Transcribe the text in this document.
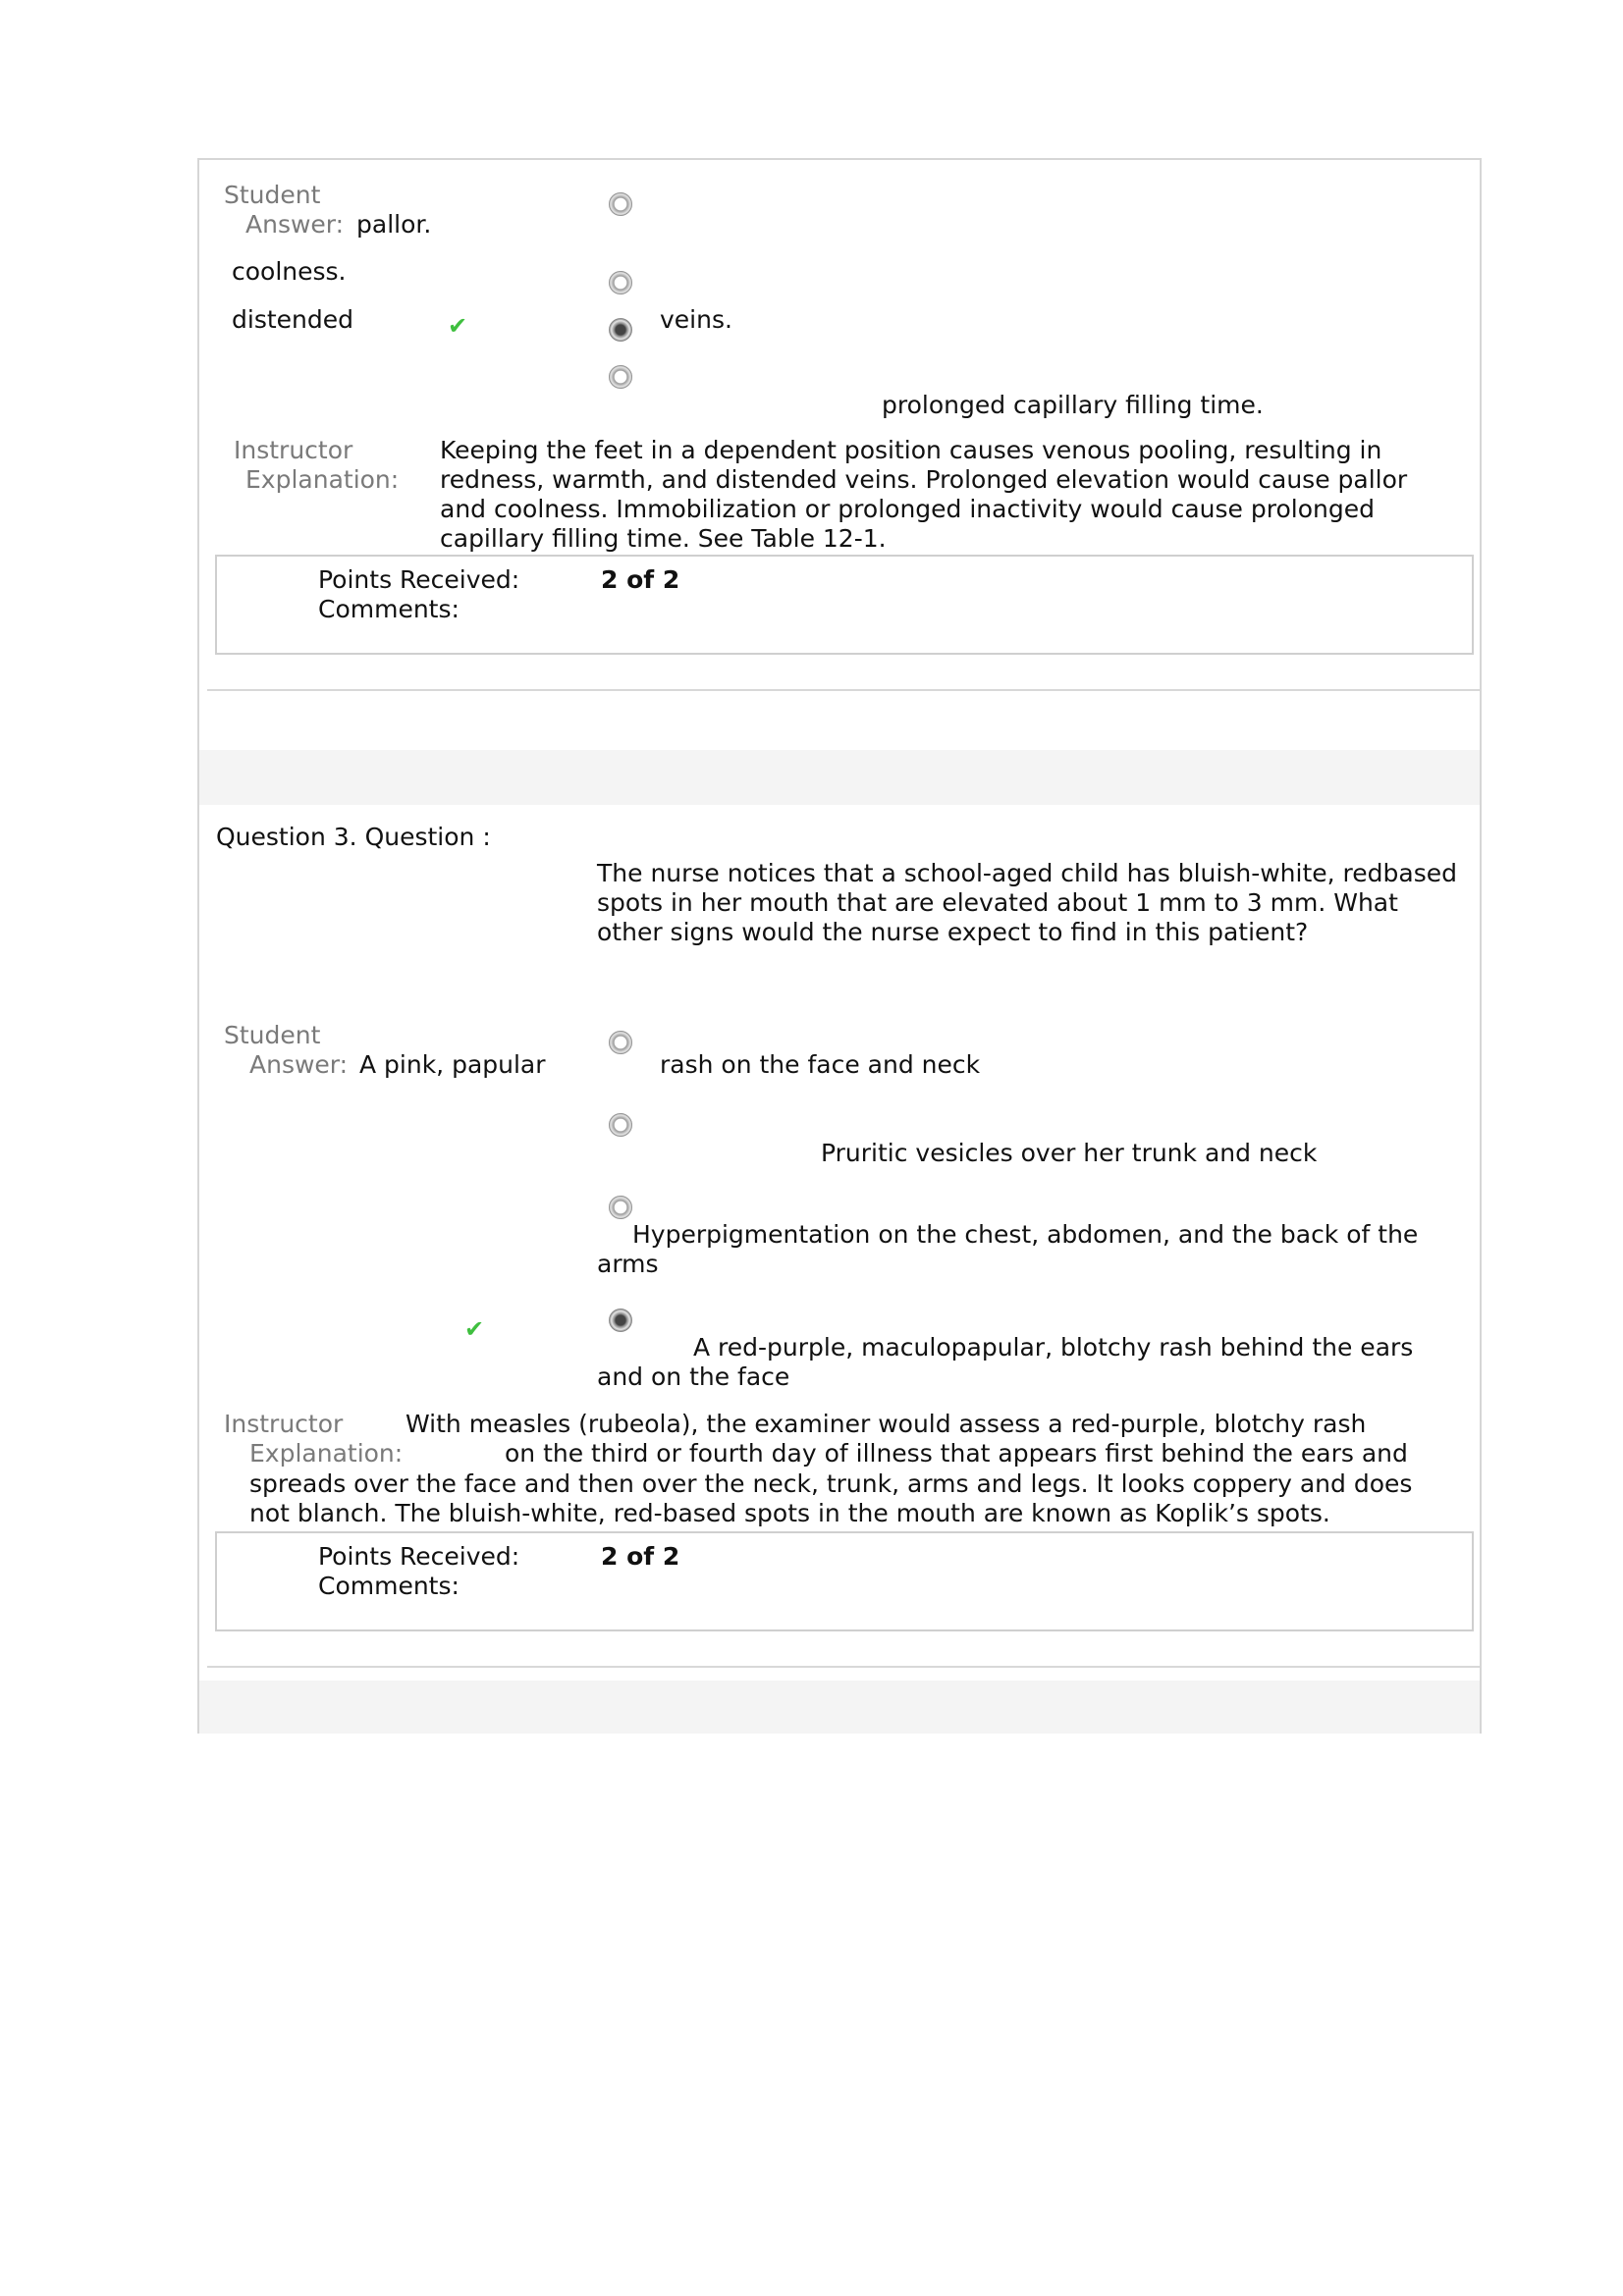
Student
Answer: pallor.
coolness.
distended	✔	veins.
prolonged capillary filling time.
Instructor
Explanation:
Keeping the feet in a dependent position causes venous pooling, resulting in
redness, warmth, and distended veins. Prolonged elevation would cause pallor
and coolness. Immobilization or prolonged inactivity would cause prolonged
capillary filling time. See Table 12-1.
Points Received:	2 of 2
Comments:
Question 3. Question :
The nurse notices that a school-aged child has bluish-white, redbased
spots in her mouth that are elevated about 1 mm to 3 mm. What
other signs would the nurse expect to find in this patient?
Student
Answer: A pink, papular	rash on the face and neck
Pruritic vesicles over her trunk and neck
Hyperpigmentation on the chest, abdomen, and the back of the
arms
✔
A red-purple, maculopapular, blotchy rash behind the ears
and on the face
Instructor
Explanation:
With measles (rubeola), the examiner would assess a red-purple, blotchy rash
on the third or fourth day of illness that appears first behind the ears and
spreads over the face and then over the neck, trunk, arms and legs. It looks coppery and does
not blanch. The bluish-white, red-based spots in the mouth are known as Koplik’s spots.
Points Received:	2 of 2
Comments:
